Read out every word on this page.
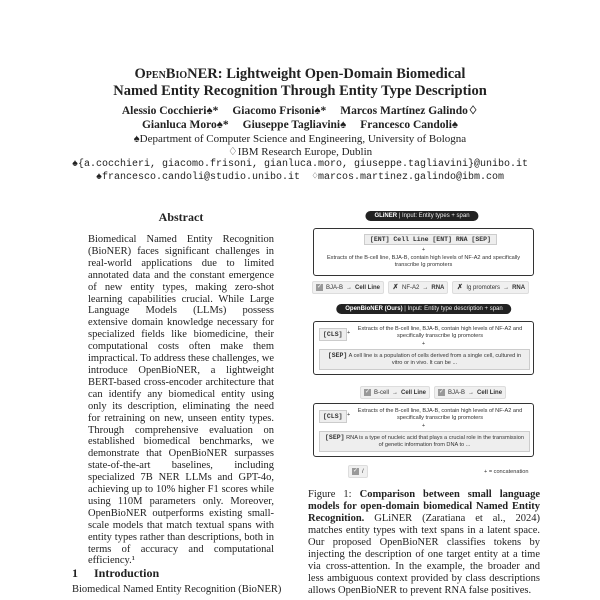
OpenBioNER: Lightweight Open-Domain Biomedical
Named Entity Recognition Through Entity Type Description
Alessio Cocchieri♠* Giacomo Frisoni♠* Marcos Martínez Galindo♢
Gianluca Moro♠* Giuseppe Tagliavini♠ Francesco Candoli♠
♠Department of Computer Science and Engineering, University of Bologna
♢IBM Research Europe, Dublin
♠{a.cocchieri, giacomo.frisoni, gianluca.moro, giuseppe.tagliavini}@unibo.it
♠francesco.candoli@studio.unibo.it  ♢marcos.martinez.galindo@ibm.com
Abstract
Biomedical Named Entity Recognition (BioNER) faces significant challenges in real-world applications due to limited annotated data and the constant emergence of new entity types, making zero-shot learning capabilities crucial. While Large Language Models (LLMs) possess extensive domain knowledge necessary for specialized fields like biomedicine, their computational costs often make them impractical. To address these challenges, we introduce OpenBioNER, a lightweight BERT-based cross-encoder architecture that can identify any biomedical entity using only its description, eliminating the need for retraining on new, unseen entity types. Through comprehensive evaluation on established biomedical benchmarks, we demonstrate that OpenBioNER surpasses state-of-the-art baselines, including specialized 7B NER LLMs and GPT-4o, achieving up to 10% higher F1 scores while using 110M parameters only. Moreover, OpenBioNER outperforms existing small-scale models that match textual spans with entity types rather than descriptions, both in terms of accuracy and computational efficiency.¹
1 Introduction
Biomedical Named Entity Recognition (BioNER)
GLiNER | Input: Entity types + span
[ENT] Cell Line [ENT] RNA [SEP]
+
Extracts of the B-cell line, BJA-B, contain high levels of NF-A2 and specifically transcribe Ig promoters
✓ BJA-B → Cell Line ✗ NF-A2 → RNA ✗ Ig promoters → RNA
OpenBioNER (Ours) | Input: Entity type description + span
[CLS] +
Extracts of the B-cell line, BJA-B, contain high levels of NF-A2 and specifically transcribe Ig promoters
+
[SEP] A cell line is a population of cells derived from a single cell, cultured in vitro or in vivo. It can be ...
✓ B-cell → Cell Line ✓ BJA-B → Cell Line
[CLS] +
Extracts of the B-cell line, BJA-B, contain high levels of NF-A2 and specifically transcribe Ig promoters
+
[SEP] RNA is a type of nucleic acid that plays a crucial role in the transmission of genetic information from DNA to ...
✓ /	+ = concatenation
Figure 1: Comparison between small language models for open-domain biomedical Named Entity Recognition. GLiNER (Zaratiana et al., 2024) matches entity types with text spans in a latent space. Our proposed OpenBioNER classifies tokens by injecting the description of one target entity at a time via cross-attention. In the example, the broader and less ambiguous context provided by class descriptions allows OpenBioNER to prevent RNA false positives.
